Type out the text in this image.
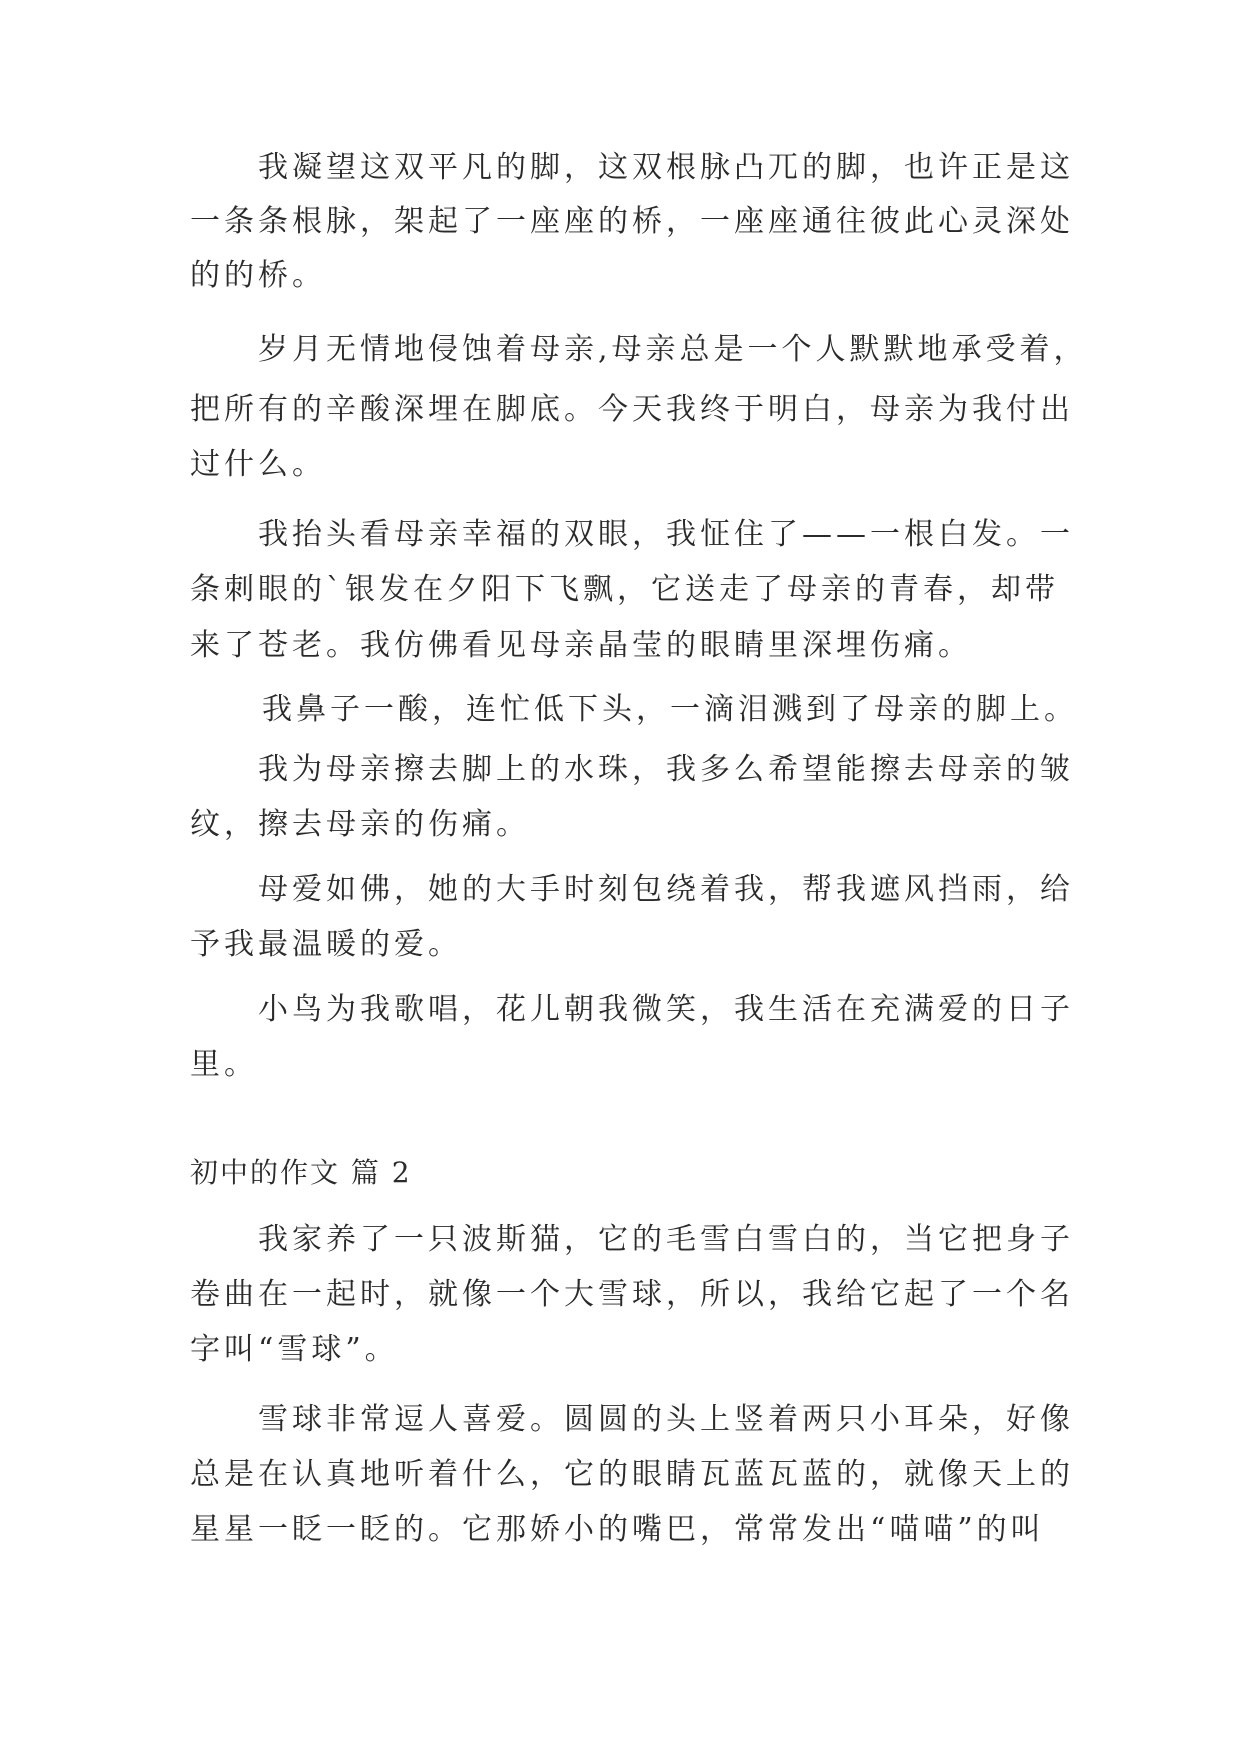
我凝望这双平凡的脚，这双根脉凸兀的脚，也许正是这
一条条根脉，架起了一座座的桥，一座座通往彼此心灵深处
的的桥。
岁月无情地侵蚀着母亲,母亲总是一个人默默地承受着，
把所有的辛酸深埋在脚底。今天我终于明白，母亲为我付出
过什么。
我抬头看母亲幸福的双眼，我怔住了——一根白发。一
条刺眼的`银发在夕阳下飞飘，它送走了母亲的青春，却带
来了苍老。我仿佛看见母亲晶莹的眼睛里深埋伤痛。
我鼻子一酸，连忙低下头，一滴泪溅到了母亲的脚上。
我为母亲擦去脚上的水珠，我多么希望能擦去母亲的皱
纹，擦去母亲的伤痛。
母爱如佛，她的大手时刻包绕着我，帮我遮风挡雨，给
予我最温暖的爱。
小鸟为我歌唱，花儿朝我微笑，我生活在充满爱的日子
里。
初中的作文 篇 2
我家养了一只波斯猫，它的毛雪白雪白的，当它把身子
卷曲在一起时，就像一个大雪球，所以，我给它起了一个名
字叫“雪球”。
雪球非常逗人喜爱。圆圆的头上竖着两只小耳朵，好像
总是在认真地听着什么，它的眼睛瓦蓝瓦蓝的，就像天上的
星星一眨一眨的。它那娇小的嘴巴，常常发出“喵喵”的叫
